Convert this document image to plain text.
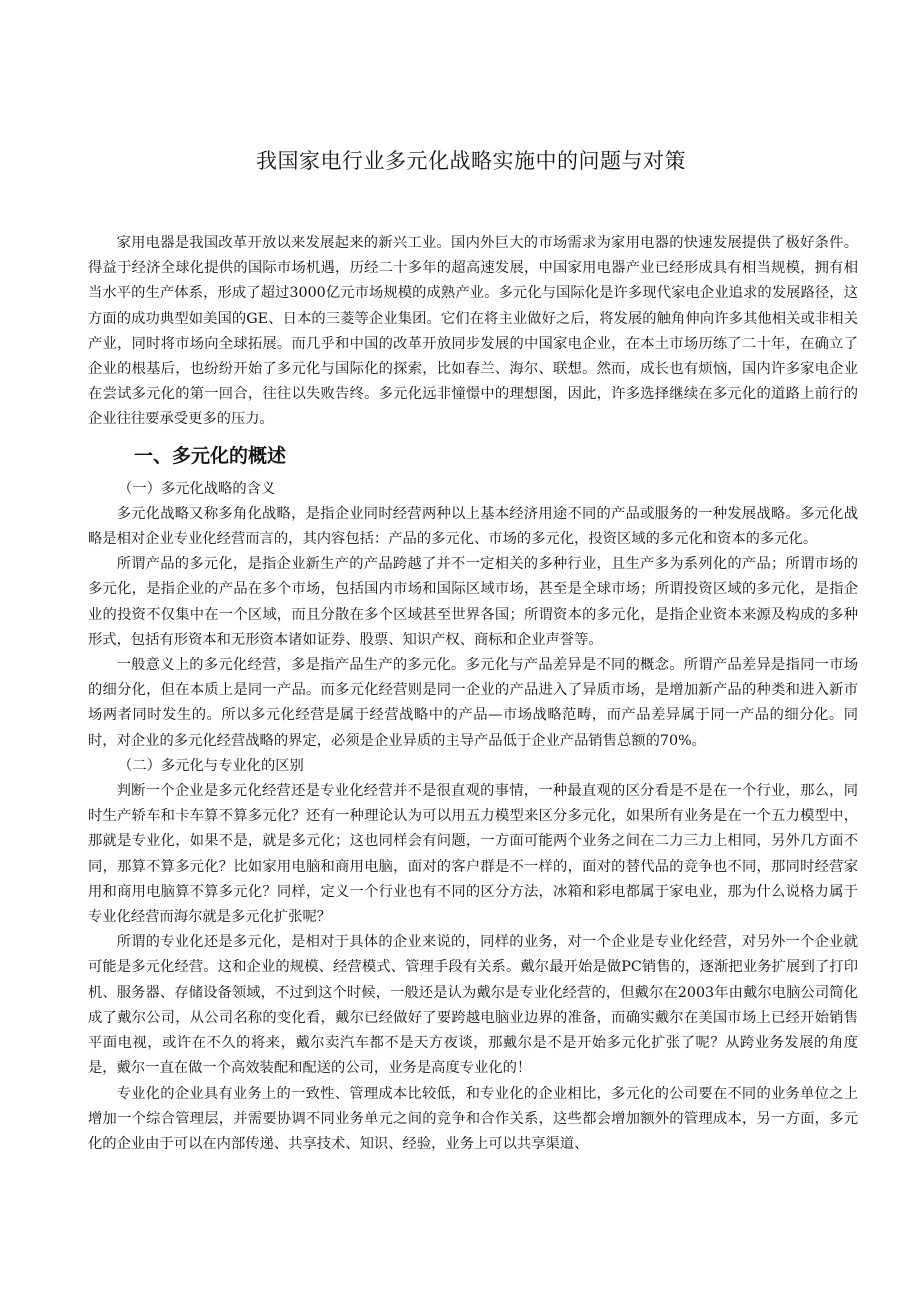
我国家电行业多元化战略实施中的问题与对策

家用电器是我国改革开放以来发展起来的新兴工业。国内外巨大的市场需求为家用电器的快速发展提供了极好条件。得益于经济全球化提供的国际市场机遇，历经二十多年的超高速发展，中国家用电器产业已经形成具有相当规模，拥有相当水平的生产体系，形成了超过3000亿元市场规模的成熟产业。多元化与国际化是许多现代家电企业追求的发展路径，这方面的成功典型如美国的GE、日本的三菱等企业集团。它们在将主业做好之后，将发展的触角伸向许多其他相关或非相关产业，同时将市场向全球拓展。而几乎和中国的改革开放同步发展的中国家电企业，在本土市场历练了二十年，在确立了企业的根基后，也纷纷开始了多元化与国际化的探索，比如春兰、海尔、联想。然而，成长也有烦恼，国内许多家电企业在尝试多元化的第一回合，往往以失败告终。多元化远非憧憬中的理想图，因此，许多选择继续在多元化的道路上前行的企业往往要承受更多的压力。

一、多元化的概述

（一）多元化战略的含义

多元化战略又称多角化战略，是指企业同时经营两种以上基本经济用途不同的产品或服务的一种发展战略。多元化战略是相对企业专业化经营而言的，其内容包括：产品的多元化、市场的多元化，投资区域的多元化和资本的多元化。

所谓产品的多元化，是指企业新生产的产品跨越了并不一定相关的多种行业，且生产多为系列化的产品；所谓市场的多元化，是指企业的产品在多个市场，包括国内市场和国际区域市场，甚至是全球市场；所谓投资区域的多元化，是指企业的投资不仅集中在一个区域，而且分散在多个区域甚至世界各国；所谓资本的多元化，是指企业资本来源及构成的多种形式，包括有形资本和无形资本诸如证券、股票、知识产权、商标和企业声誉等。

一般意义上的多元化经营，多是指产品生产的多元化。多元化与产品差异是不同的概念。所谓产品差异是指同一市场的细分化，但在本质上是同一产品。而多元化经营则是同一企业的产品进入了异质市场，是增加新产品的种类和进入新市场两者同时发生的。所以多元化经营是属于经营战略中的产品—市场战略范畴，而产品差异属于同一产品的细分化。同时，对企业的多元化经营战略的界定，必须是企业异质的主导产品低于企业产品销售总额的70%。

（二）多元化与专业化的区别

判断一个企业是多元化经营还是专业化经营并不是很直观的事情，一种最直观的区分看是不是在一个行业，那么，同时生产轿车和卡车算不算多元化？还有一种理论认为可以用五力模型来区分多元化，如果所有业务是在一个五力模型中，那就是专业化，如果不是，就是多元化；这也同样会有问题，一方面可能两个业务之间在二力三力上相同，另外几方面不同，那算不算多元化？比如家用电脑和商用电脑，面对的客户群是不一样的，面对的替代品的竞争也不同，那同时经营家用和商用电脑算不算多元化？同样，定义一个行业也有不同的区分方法，冰箱和彩电都属于家电业，那为什么说格力属于专业化经营而海尔就是多元化扩张呢？

所谓的专业化还是多元化，是相对于具体的企业来说的，同样的业务，对一个企业是专业化经营，对另外一个企业就可能是多元化经营。这和企业的规模、经营模式、管理手段有关系。戴尔最开始是做PC销售的，逐渐把业务扩展到了打印机、服务器、存储设备领域，不过到这个时候，一般还是认为戴尔是专业化经营的，但戴尔在2003年由戴尔电脑公司简化成了戴尔公司，从公司名称的变化看，戴尔已经做好了要跨越电脑业边界的准备，而确实戴尔在美国市场上已经开始销售平面电视，或许在不久的将来，戴尔卖汽车都不是天方夜谈，那戴尔是不是开始多元化扩张了呢？从跨业务发展的角度是，戴尔一直在做一个高效装配和配送的公司，业务是高度专业化的！

专业化的企业具有业务上的一致性、管理成本比较低，和专业化的企业相比，多元化的公司要在不同的业务单位之上增加一个综合管理层，并需要协调不同业务单元之间的竞争和合作关系，这些都会增加额外的管理成本，另一方面，多元化的企业由于可以在内部传递、共享技术、知识、经验，业务上可以共享渠道、
